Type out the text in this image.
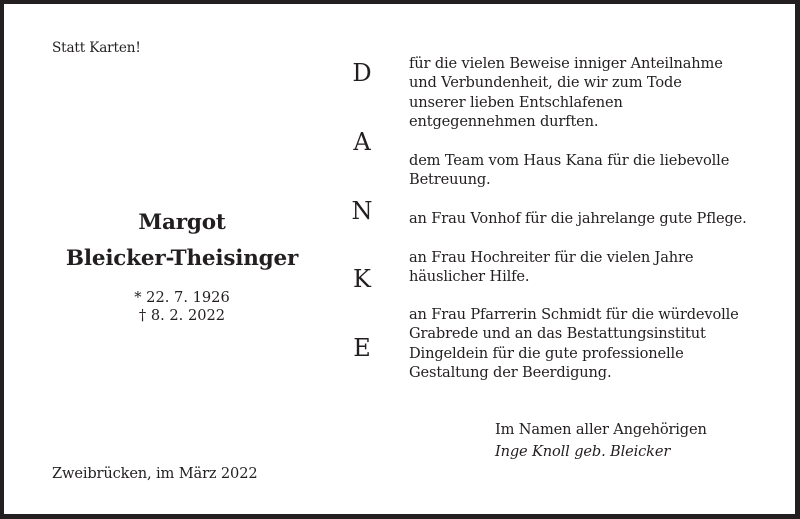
Statt Karten!
Margot
Bleicker-Theisinger
* 22. 7. 1926
† 8. 2. 2022
D
A
N
K
E
für die vielen Beweise inniger Anteilnahme
und Verbundenheit, die wir zum Tode
unserer lieben Entschlafenen
entgegennehmen durften.
dem Team vom Haus Kana für die liebevolle
Betreuung.
an Frau Vonhof für die jahrelange gute Pflege.
an Frau Hochreiter für die vielen Jahre
häuslicher Hilfe.
an Frau Pfarrerin Schmidt für die würdevolle
Grabrede und an das Bestattungsinstitut
Dingeldein für die gute professionelle
Gestaltung der Beerdigung.
Im Namen aller Angehörigen
Inge Knoll geb. Bleicker
Zweibrücken, im März 2022
